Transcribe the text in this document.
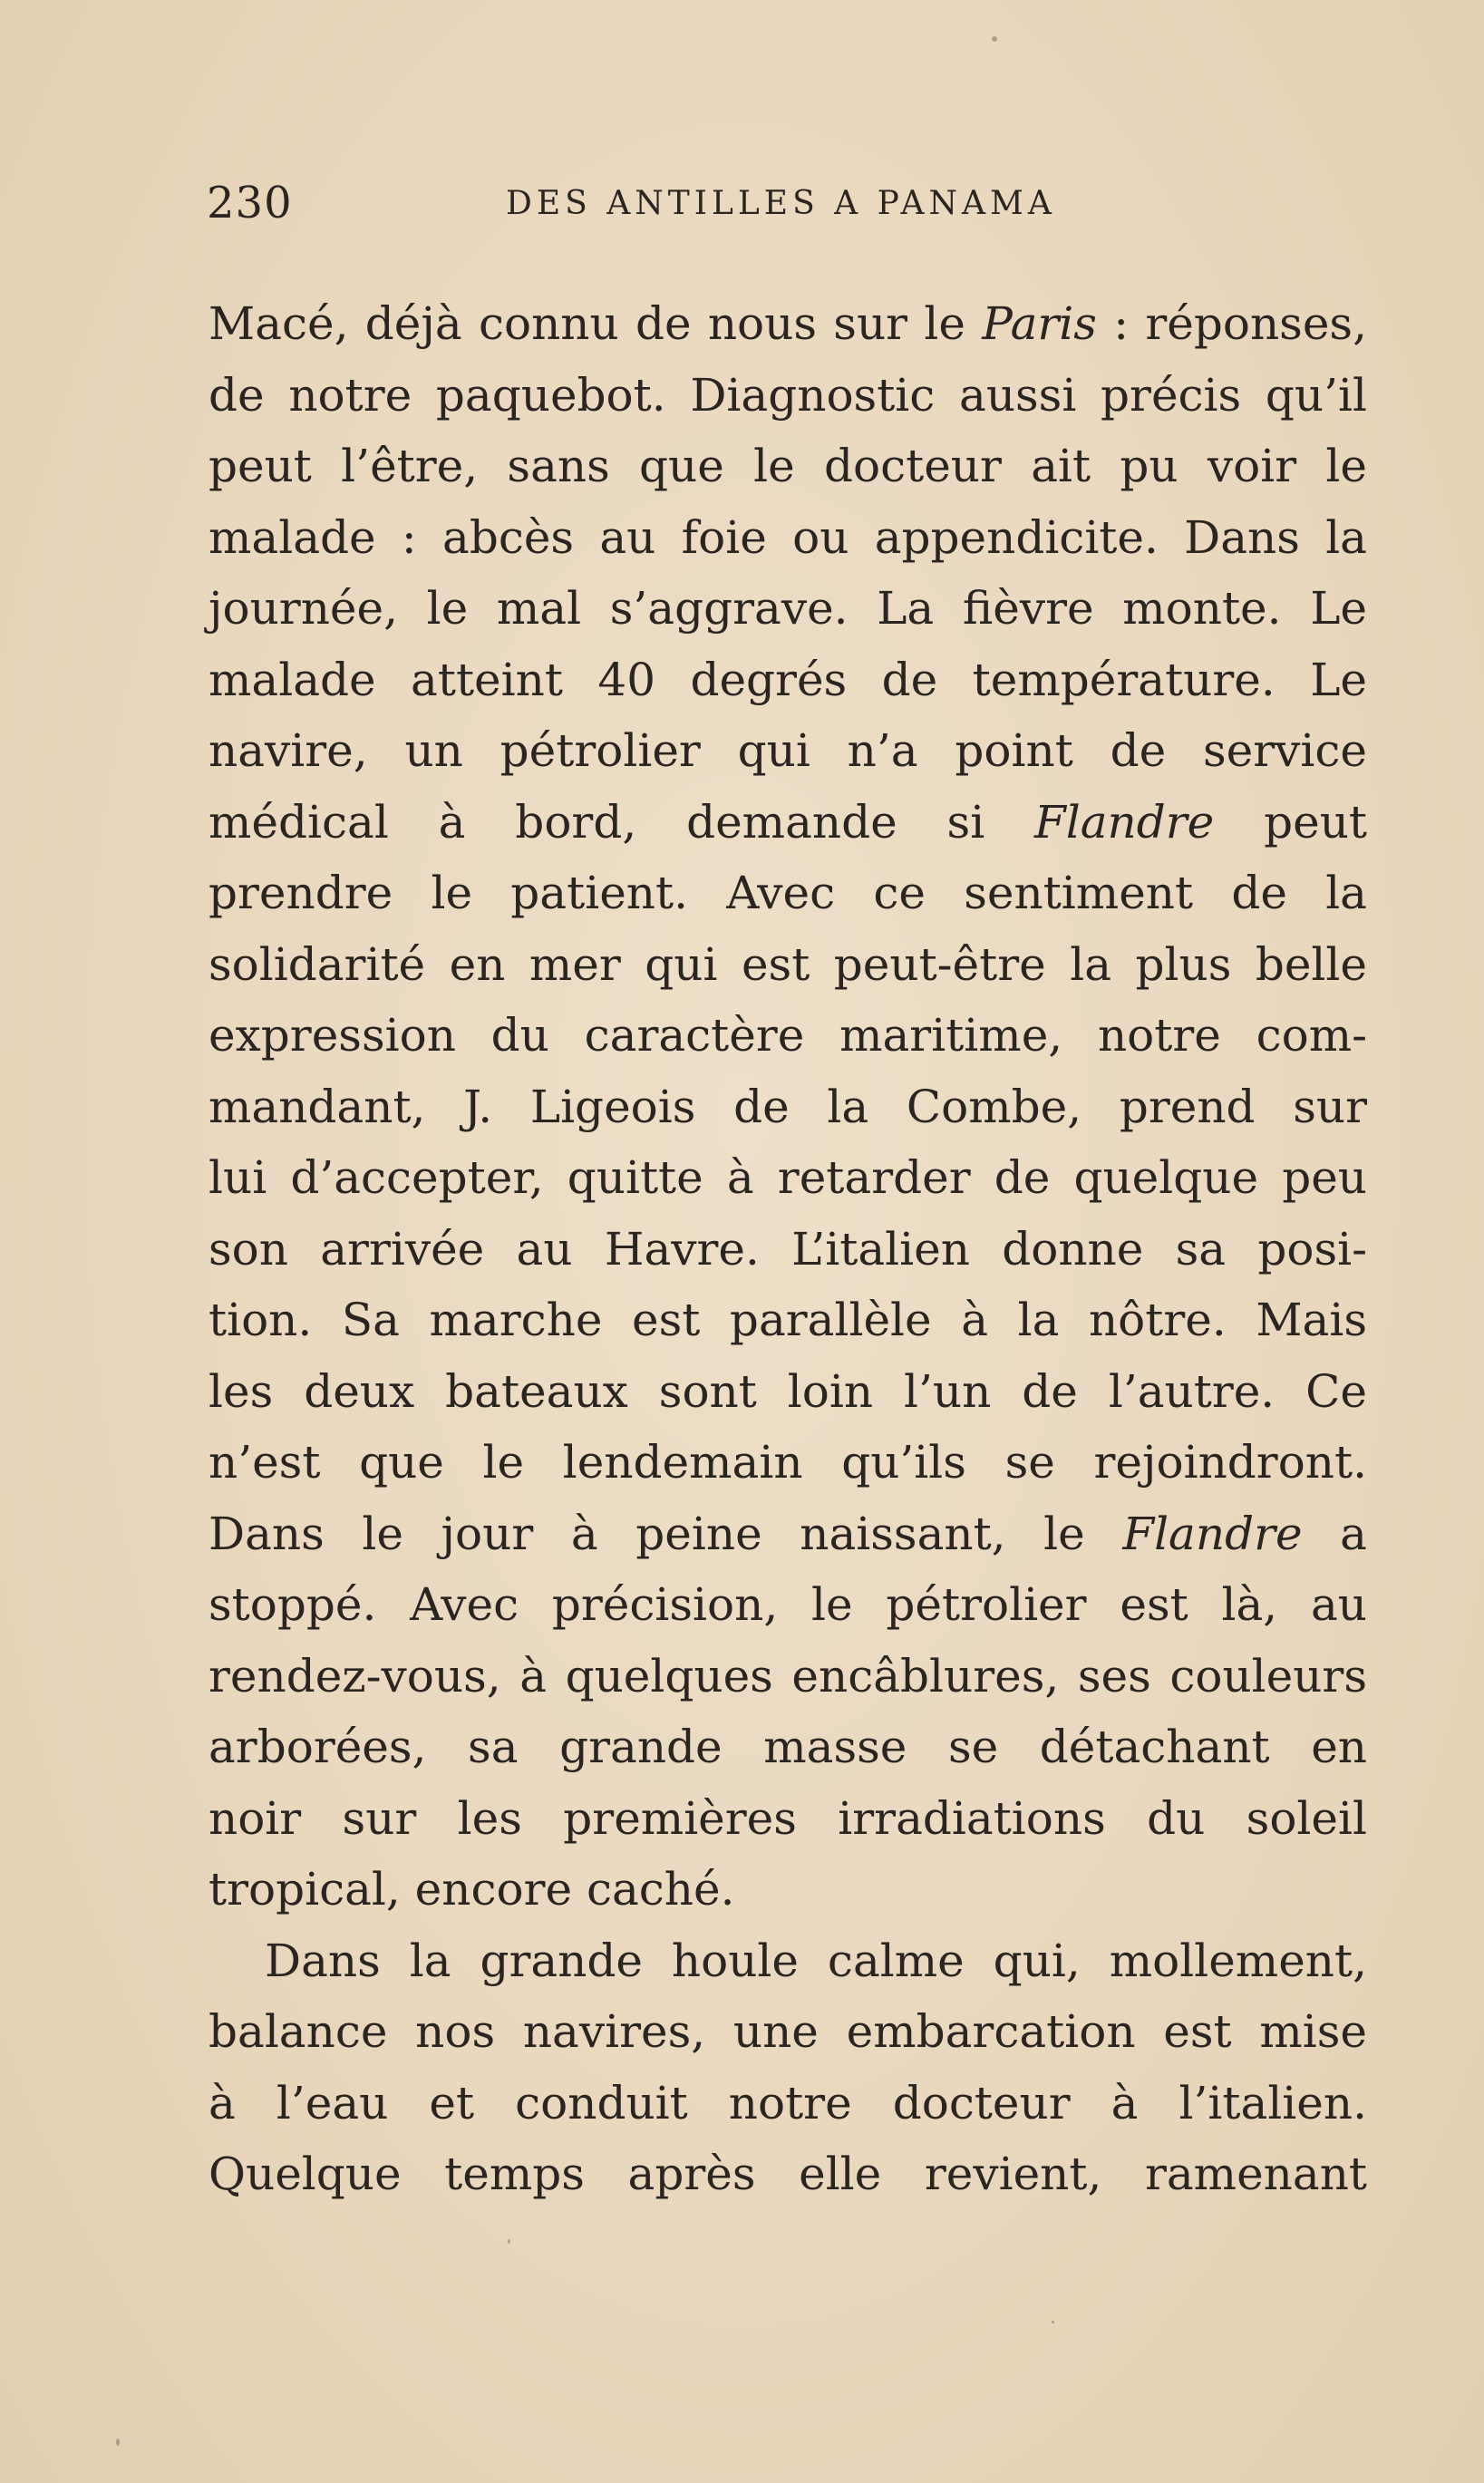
230	DES ANTILLES A PANAMA
Macé, déjà connu de nous sur le Paris : réponses,
de notre paquebot. Diagnostic aussi précis qu’il
peut l’être, sans que le docteur ait pu voir le
malade : abcès au foie ou appendicite. Dans la
journée, le mal s’aggrave. La fièvre monte. Le
malade atteint 40 degrés de température. Le
navire, un pétrolier qui n’a point de service
médical à bord, demande si Flandre peut
prendre le patient. Avec ce sentiment de la
solidarité en mer qui est peut-être la plus belle
expression du caractère maritime, notre com-
mandant, J. Ligeois de la Combe, prend sur
lui d’accepter, quitte à retarder de quelque peu
son arrivée au Havre. L’italien donne sa posi-
tion. Sa marche est parallèle à la nôtre. Mais
les deux bateaux sont loin l’un de l’autre. Ce
n’est que le lendemain qu’ils se rejoindront.
Dans le jour à peine naissant, le Flandre a
stoppé. Avec précision, le pétrolier est là, au
rendez-vous, à quelques encâblures, ses couleurs
arborées, sa grande masse se détachant en
noir sur les premières irradiations du soleil
tropical, encore caché.
Dans la grande houle calme qui, mollement,
balance nos navires, une embarcation est mise
à l’eau et conduit notre docteur à l’italien.
Quelque temps après elle revient, ramenant
